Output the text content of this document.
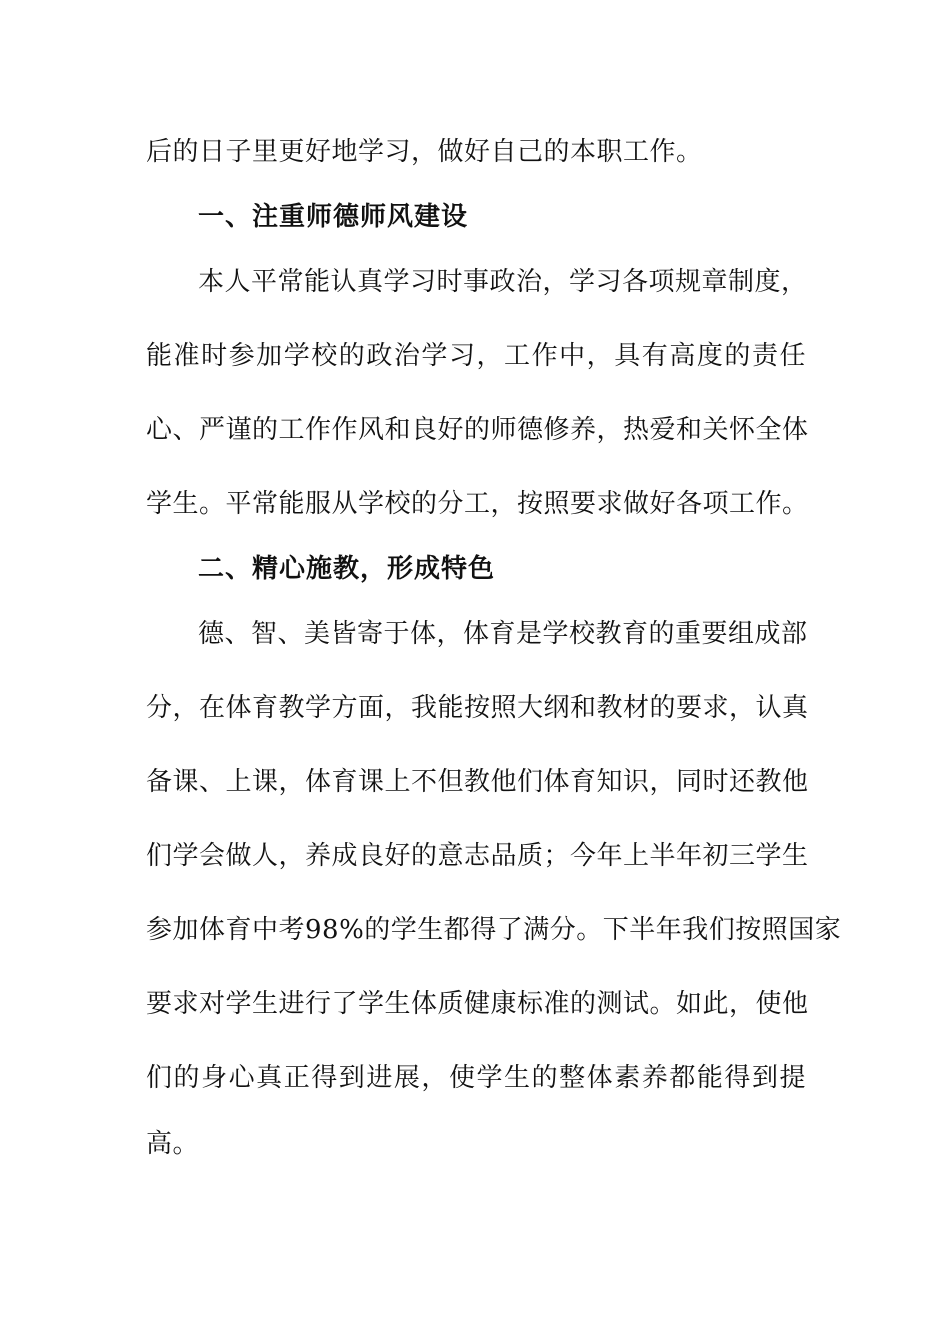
后的日子里更好地学习，做好自己的本职工作。
一、注重师德师风建设
本人平常能认真学习时事政治，学习各项规章制度，
能准时参加学校的政治学习，工作中，具有高度的责任
心、严谨的工作作风和良好的师德修养，热爱和关怀全体
学生。平常能服从学校的分工，按照要求做好各项工作。
二、精心施教，形成特色
德、智、美皆寄于体，体育是学校教育的重要组成部
分，在体育教学方面，我能按照大纲和教材的要求，认真
备课、上课，体育课上不但教他们体育知识，同时还教他
们学会做人，养成良好的意志品质；今年上半年初三学生
参加体育中考98%的学生都得了满分。下半年我们按照国家
要求对学生进行了学生体质健康标准的测试。如此，使他
们的身心真正得到进展，使学生的整体素养都能得到提
高。
